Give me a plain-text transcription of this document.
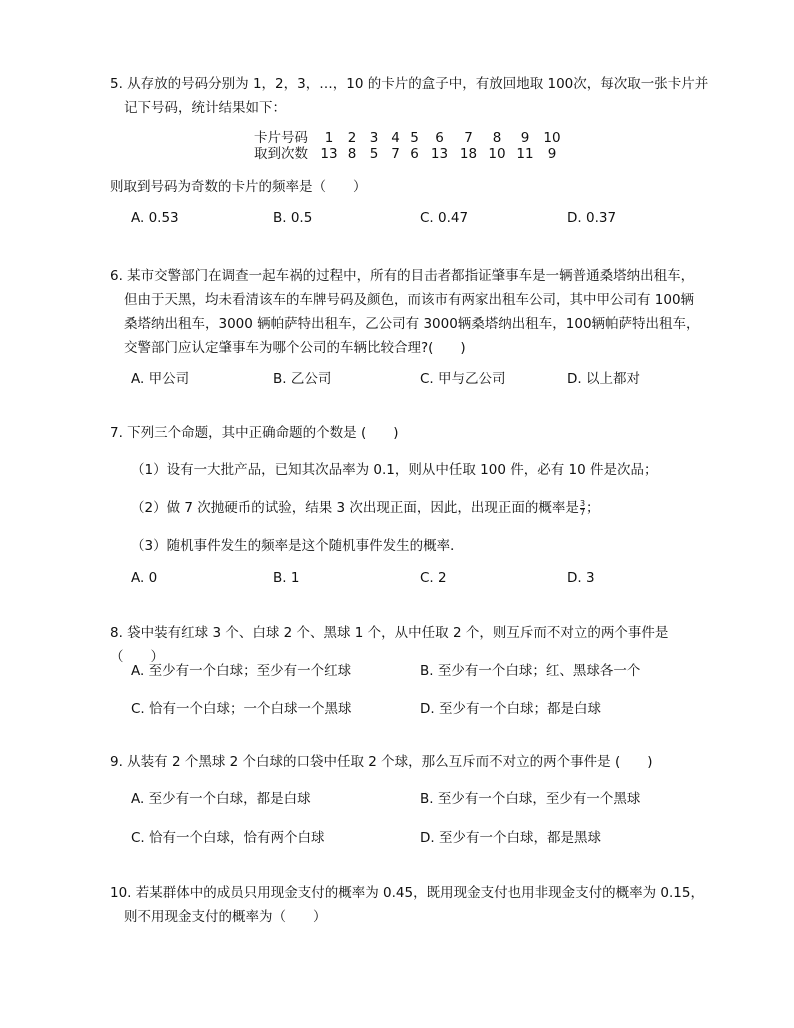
5. 从存放的号码分别为 1，2，3，…，10 的卡片的盒子中，有放回地取 100次，每次取一张卡片并
记下号码，统计结果如下：
卡片号码	1	2 3 4 5	6	7	8	9	10
取到次数 13 8 5 7 6 13 18 10 11	9
则取到号码为奇数的卡片的频率是（　　）
A. 0.53	B. 0.5	C. 0.47	D. 0.37
6. 某市交警部门在调查一起车祸的过程中，所有的目击者都指证肇事车是一辆普通桑塔纳出租车，
但由于天黑，均未看清该车的车牌号码及颜色，而该市有两家出租车公司，其中甲公司有 100辆
桑塔纳出租车，3000 辆帕萨特出租车，乙公司有 3000辆桑塔纳出租车，100辆帕萨特出租车，
交警部门应认定肇事车为哪个公司的车辆比较合理?(　　)
A. 甲公司	B. 乙公司	C. 甲与乙公司	D. 以上都对
7. 下列三个命题，其中正确命题的个数是 (　　)
（1）设有一大批产品，已知其次品率为 0.1，则从中任取 100 件，必有 10 件是次品；
（2）做 7 次抛硬币的试验，结果 3 次出现正面，因此，出现正面的概率是 $\frac{3}{7}$ ；
（3）随机事件发生的频率是这个随机事件发生的概率．
A. 0	B. 1	C. 2	D. 3
8. 袋中装有红球 3 个、白球 2 个、黑球 1 个，从中任取 2 个，则互斥而不对立的两个事件是（　　）
A. 至少有一个白球；至少有一个红球	B. 至少有一个白球；红、黑球各一个
C. 恰有一个白球；一个白球一个黑球	D. 至少有一个白球；都是白球
9. 从装有 2 个黑球 2 个白球的口袋中任取 2 个球，那么互斥而不对立的两个事件是 (　　)
A. 至少有一个白球，都是白球	B. 至少有一个白球，至少有一个黑球
C. 恰有一个白球，恰有两个白球	D. 至少有一个白球，都是黑球
10. 若某群体中的成员只用现金支付的概率为 0.45，既用现金支付也用非现金支付的概率为 0.15，
则不用现金支付的概率为（　　）
